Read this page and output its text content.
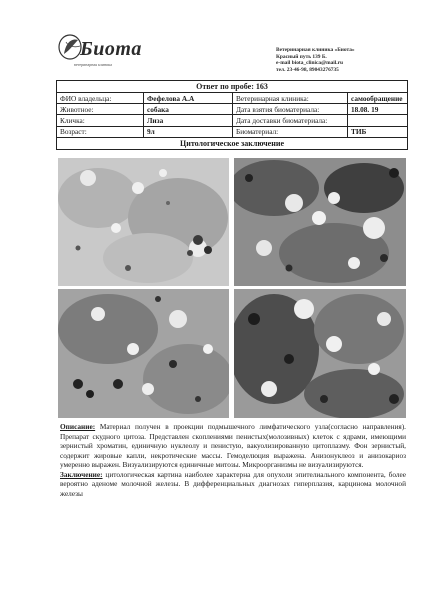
Биота
ветеринарная клиника
Ветеринарная клиника «Биота»
Красный путь 139 Б.
e-mail biota_clinica@mail.ru
тел. 23-46-98, 89043276735
Ответ по пробе: 163			
ФИО владельца:	Фефелова А.А	Ветеринарная клиника:	самообращение
Животное:	собака	Дата взятия биоматериала:	18.08. 19
Кличка:	Лиза	Дата доставки биоматериала:	
Возраст:	9л	Биоматериал:	ТИБ
Цитологическое заключение			

Описание: Материал получен в проекции подмышечного лимфатического узла(согласно направления). Препарат скудного цитоза. Представлен скоплениями пенистых(молозивных) клеток с ядрами, имеющими зернистый хроматин, единичную нуклеолу и пенистую, вакуолизированную цитоплазму. Фон зернистый, содержит жировые капли, некротические массы. Гемоделюция выражена. Анизонуклеоз и анизокариоз умеренно выражен. Визуализируются единичные митозы. Микроорганизмы не визуализируются.

Заключение: цитологическая картина наиболее характерна для опухоли эпителиального компонента, более вероятно аденоме молочной железы. В дифференциальных диагнозах гиперплазия, карцинома молочной железы
